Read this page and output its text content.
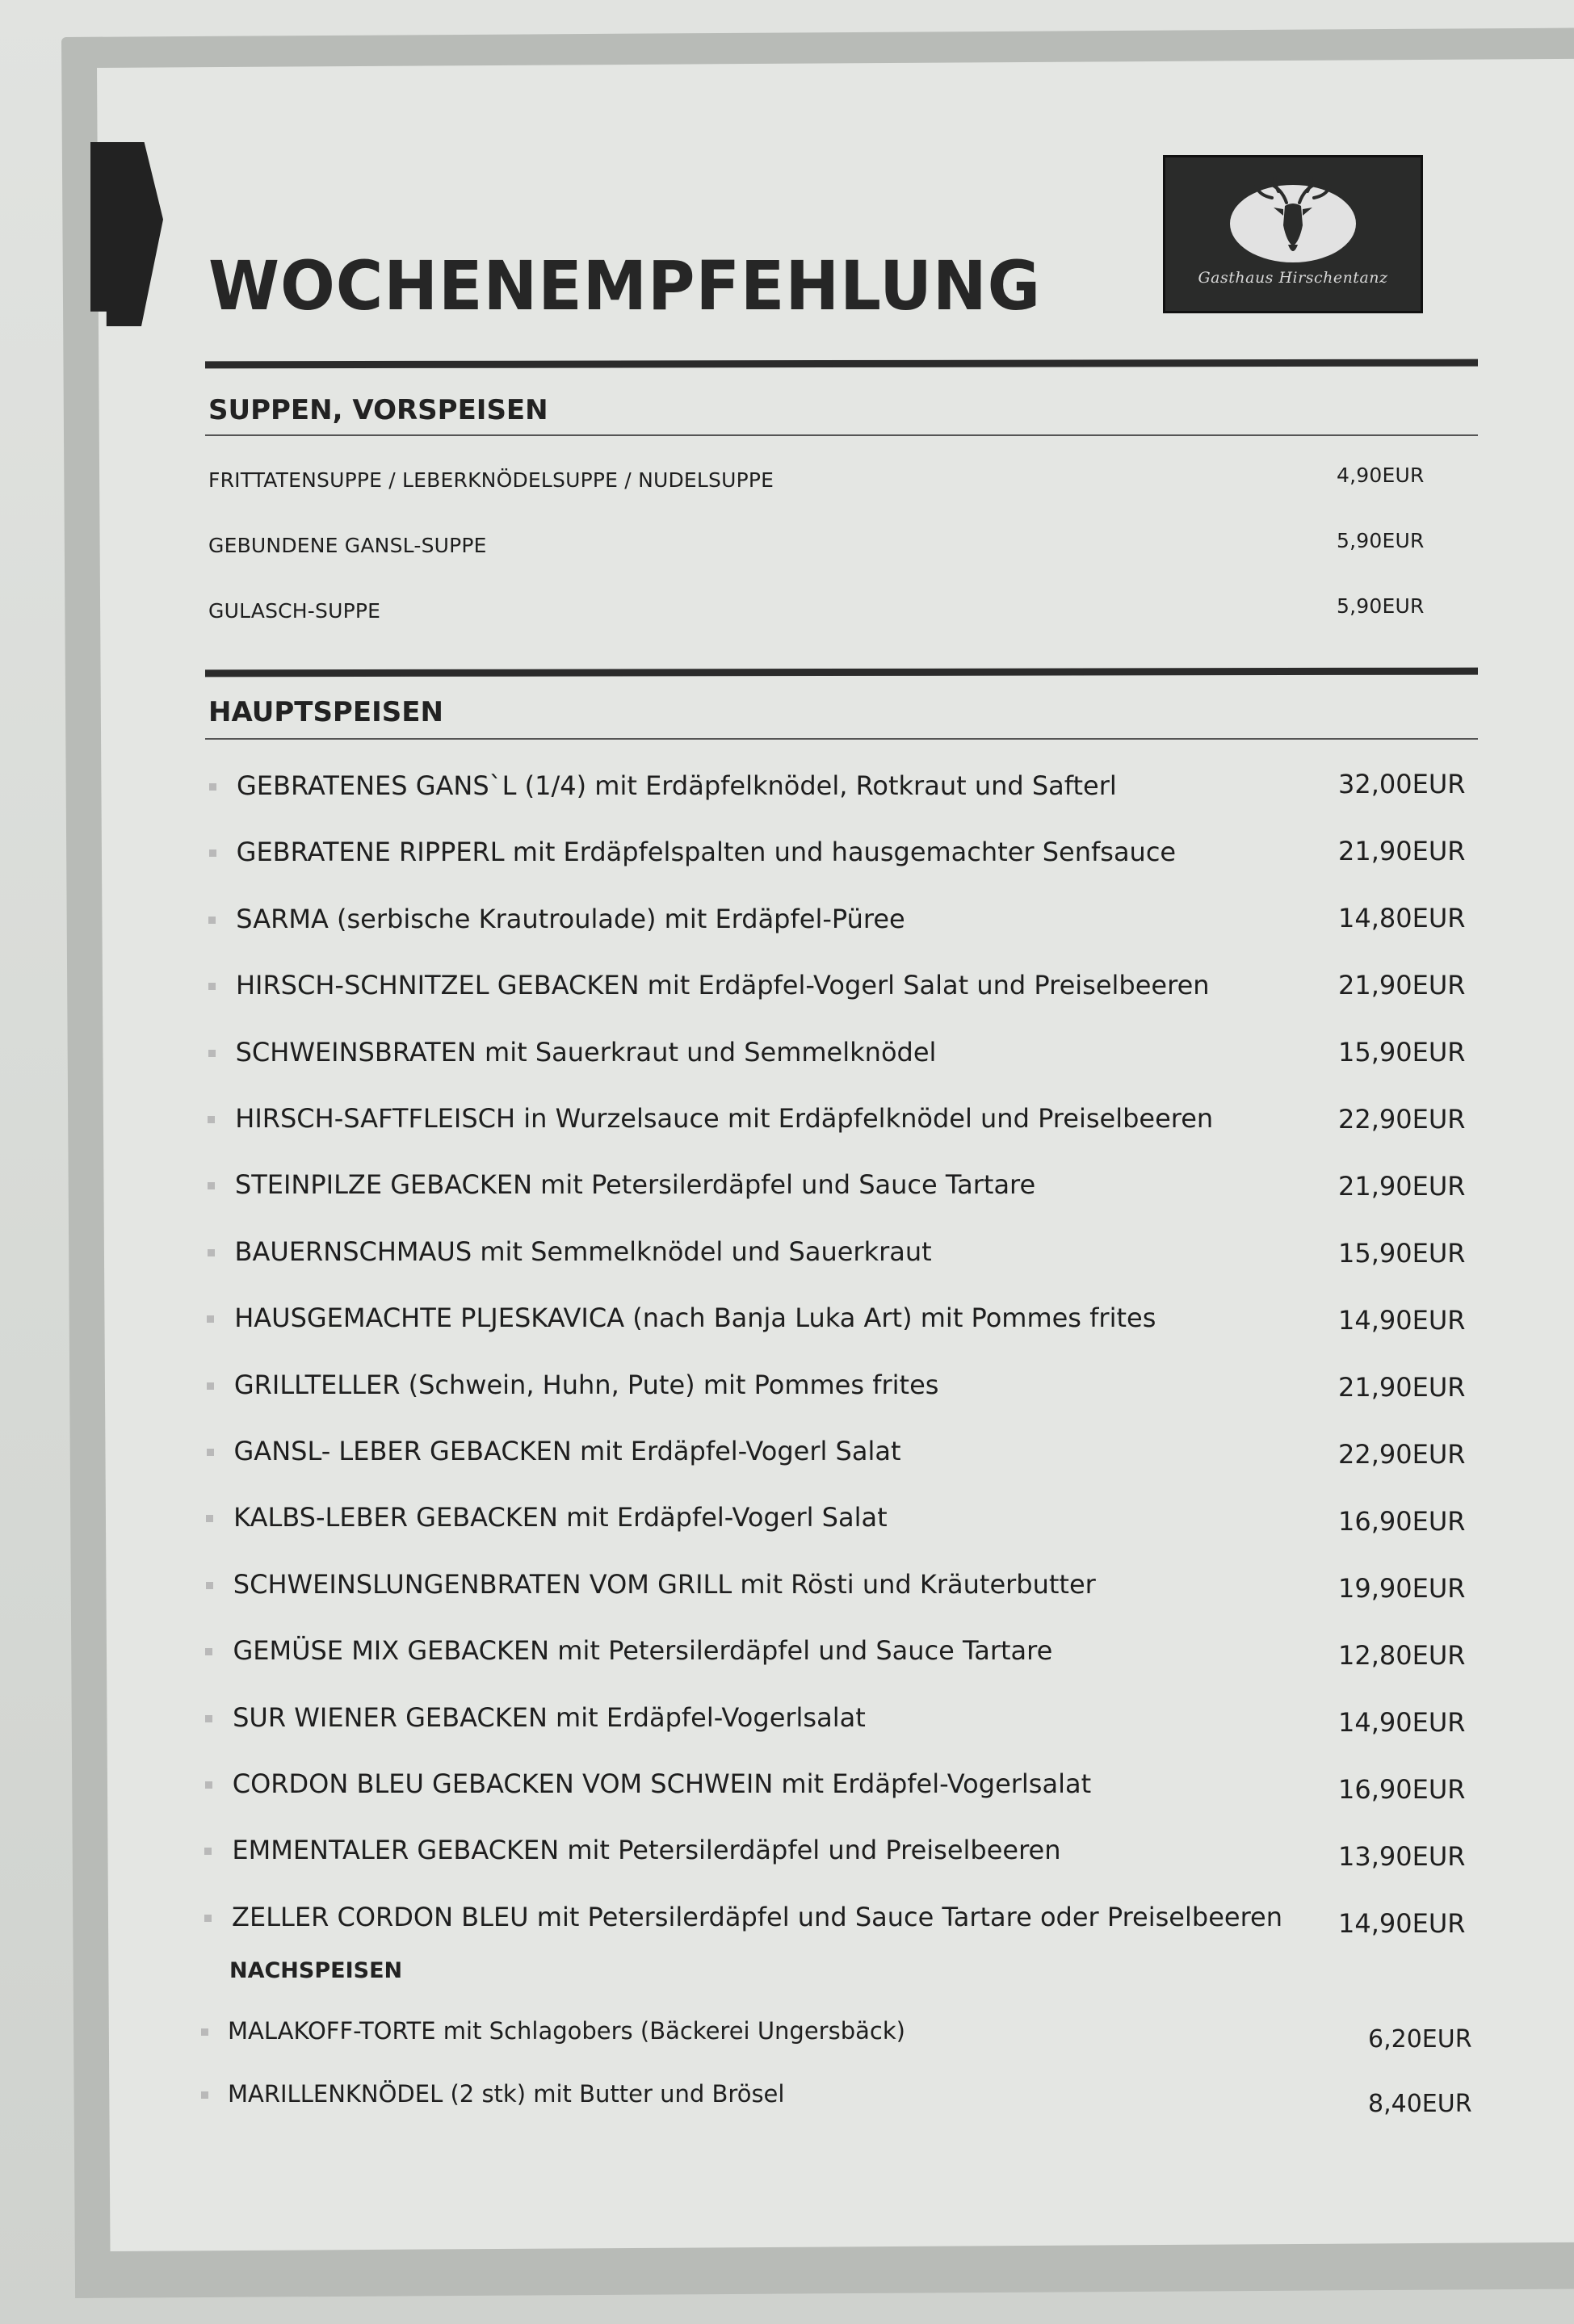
Gasthaus Hirschentanz
WOCHENEMPFEHLUNG
SUPPEN, VORSPEISEN
FRITTATENSUPPE / LEBERKNÖDELSUPPE / NUDELSUPPE	4,90EUR
GEBUNDENE GANSL-SUPPE	5,90EUR
GULASCH-SUPPE	5,90EUR
HAUPTSPEISEN
GEBRATENES GANS`L (1/4) mit Erdäpfelknödel, Rotkraut und Safterl	32,00EUR
GEBRATENE RIPPERL mit Erdäpfelspalten und hausgemachter Senfsauce	21,90EUR
SARMA (serbische Krautroulade) mit Erdäpfel-Püree	14,80EUR
HIRSCH-SCHNITZEL GEBACKEN mit Erdäpfel-Vogerl Salat und Preiselbeeren	21,90EUR
SCHWEINSBRATEN mit Sauerkraut und Semmelknödel	15,90EUR
HIRSCH-SAFTFLEISCH in Wurzelsauce mit Erdäpfelknödel und Preiselbeeren	22,90EUR
STEINPILZE GEBACKEN mit Petersilerdäpfel und Sauce Tartare	21,90EUR
BAUERNSCHMAUS mit Semmelknödel und Sauerkraut	15,90EUR
HAUSGEMACHTE PLJESKAVICA (nach Banja Luka Art) mit Pommes frites	14,90EUR
GRILLTELLER (Schwein, Huhn, Pute) mit Pommes frites	21,90EUR
GANSL- LEBER GEBACKEN mit Erdäpfel-Vogerl Salat	22,90EUR
KALBS-LEBER GEBACKEN mit Erdäpfel-Vogerl Salat	16,90EUR
SCHWEINSLUNGENBRATEN VOM GRILL mit Rösti und Kräuterbutter	19,90EUR
GEMÜSE MIX GEBACKEN mit Petersilerdäpfel und Sauce Tartare	12,80EUR
SUR WIENER GEBACKEN mit Erdäpfel-Vogerlsalat	14,90EUR
CORDON BLEU GEBACKEN VOM SCHWEIN mit Erdäpfel-Vogerlsalat	16,90EUR
EMMENTALER GEBACKEN mit Petersilerdäpfel und Preiselbeeren	13,90EUR
ZELLER CORDON BLEU mit Petersilerdäpfel und Sauce Tartare oder Preiselbeeren 14,90EUR
NACHSPEISEN
MALAKOFF-TORTE mit Schlagobers (Bäckerei Ungersbäck)	6,20EUR
MARILLENKNÖDEL (2 stk) mit Butter und Brösel	8,40EUR
